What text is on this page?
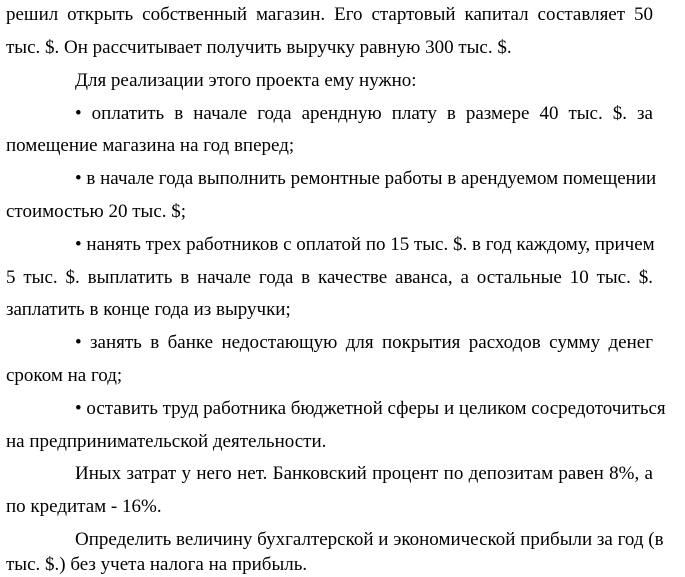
решил открыть собственный магазин. Его стартовый капитал составляет 50
тыс. $. Он рассчитывает получить выручку равную 300 тыс. $.
Для реализации этого проекта ему нужно:
• оплатить в начале года арендную плату в размере 40 тыс. $. за
помещение магазина на год вперед;
• в начале года выполнить ремонтные работы в арендуемом помещении
стоимостью 20 тыс. $;
• нанять трех работников с оплатой по 15 тыс. $. в год каждому, причем
5 тыс. $. выплатить в начале года в качестве аванса, а остальные 10 тыс. $.
заплатить в конце года из выручки;
• занять в банке недостающую для покрытия расходов сумму денег
сроком на год;
• оставить труд работника бюджетной сферы и целиком сосредоточиться
на предпринимательской деятельности.
Иных затрат у него нет. Банковский процент по депозитам равен 8%, а
по кредитам - 16%.
Определить величину бухгалтерской и экономической прибыли за год (в
тыс. $.) без учета налога на прибыль.
